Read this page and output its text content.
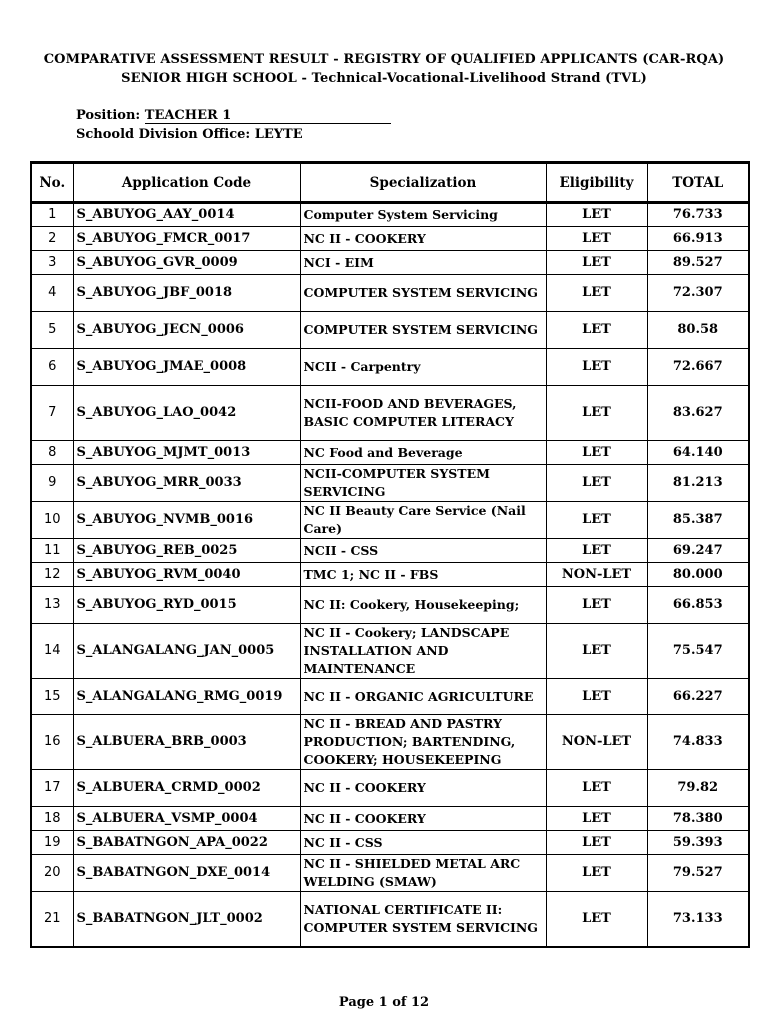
COMPARATIVE ASSESSMENT RESULT - REGISTRY OF QUALIFIED APPLICANTS (CAR-RQA)
SENIOR HIGH SCHOOL - Technical-Vocational-Livelihood Strand (TVL)
Position: TEACHER 1
Schoold Division Office: LEYTE
No.	Application Code	Specialization	Eligibility	TOTAL
1	S_ABUYOG_AAY_0014	Computer System Servicing	LET	76.733
2	S_ABUYOG_FMCR_0017	NC II - COOKERY	LET	66.913
3	S_ABUYOG_GVR_0009	NCI - EIM	LET	89.527
4	S_ABUYOG_JBF_0018	COMPUTER SYSTEM SERVICING	LET	72.307
5	S_ABUYOG_JECN_0006	COMPUTER SYSTEM SERVICING	LET	80.58
6	S_ABUYOG_JMAE_0008	NCII - Carpentry	LET	72.667
7	S_ABUYOG_LAO_0042	NCII-FOOD AND BEVERAGES, BASIC COMPUTER LITERACY	LET	83.627
8	S_ABUYOG_MJMT_0013	NC Food and Beverage	LET	64.140
9	S_ABUYOG_MRR_0033	NCII-COMPUTER SYSTEM SERVICING	LET	81.213
10	S_ABUYOG_NVMB_0016	NC II Beauty Care Service (Nail Care)	LET	85.387
11	S_ABUYOG_REB_0025	NCII - CSS	LET	69.247
12	S_ABUYOG_RVM_0040	TMC 1; NC II - FBS	NON-LET	80.000
13	S_ABUYOG_RYD_0015	NC II: Cookery, Housekeeping;	LET	66.853
14	S_ALANGALANG_JAN_0005	NC II - Cookery; LANDSCAPE INSTALLATION AND MAINTENANCE	LET	75.547
15	S_ALANGALANG_RMG_0019	NC II - ORGANIC AGRICULTURE	LET	66.227
16	S_ALBUERA_BRB_0003	NC II - BREAD AND PASTRY PRODUCTION; BARTENDING, COOKERY; HOUSEKEEPING	NON-LET	74.833
17	S_ALBUERA_CRMD_0002	NC II - COOKERY	LET	79.82
18	S_ALBUERA_VSMP_0004	NC II - COOKERY	LET	78.380
19	S_BABATNGON_APA_0022	NC II - CSS	LET	59.393
20	S_BABATNGON_DXE_0014	NC II - SHIELDED METAL ARC WELDING (SMAW)	LET	79.527
21	S_BABATNGON_JLT_0002	NATIONAL CERTIFICATE II: COMPUTER SYSTEM SERVICING	LET	73.133
Page 1 of 12
